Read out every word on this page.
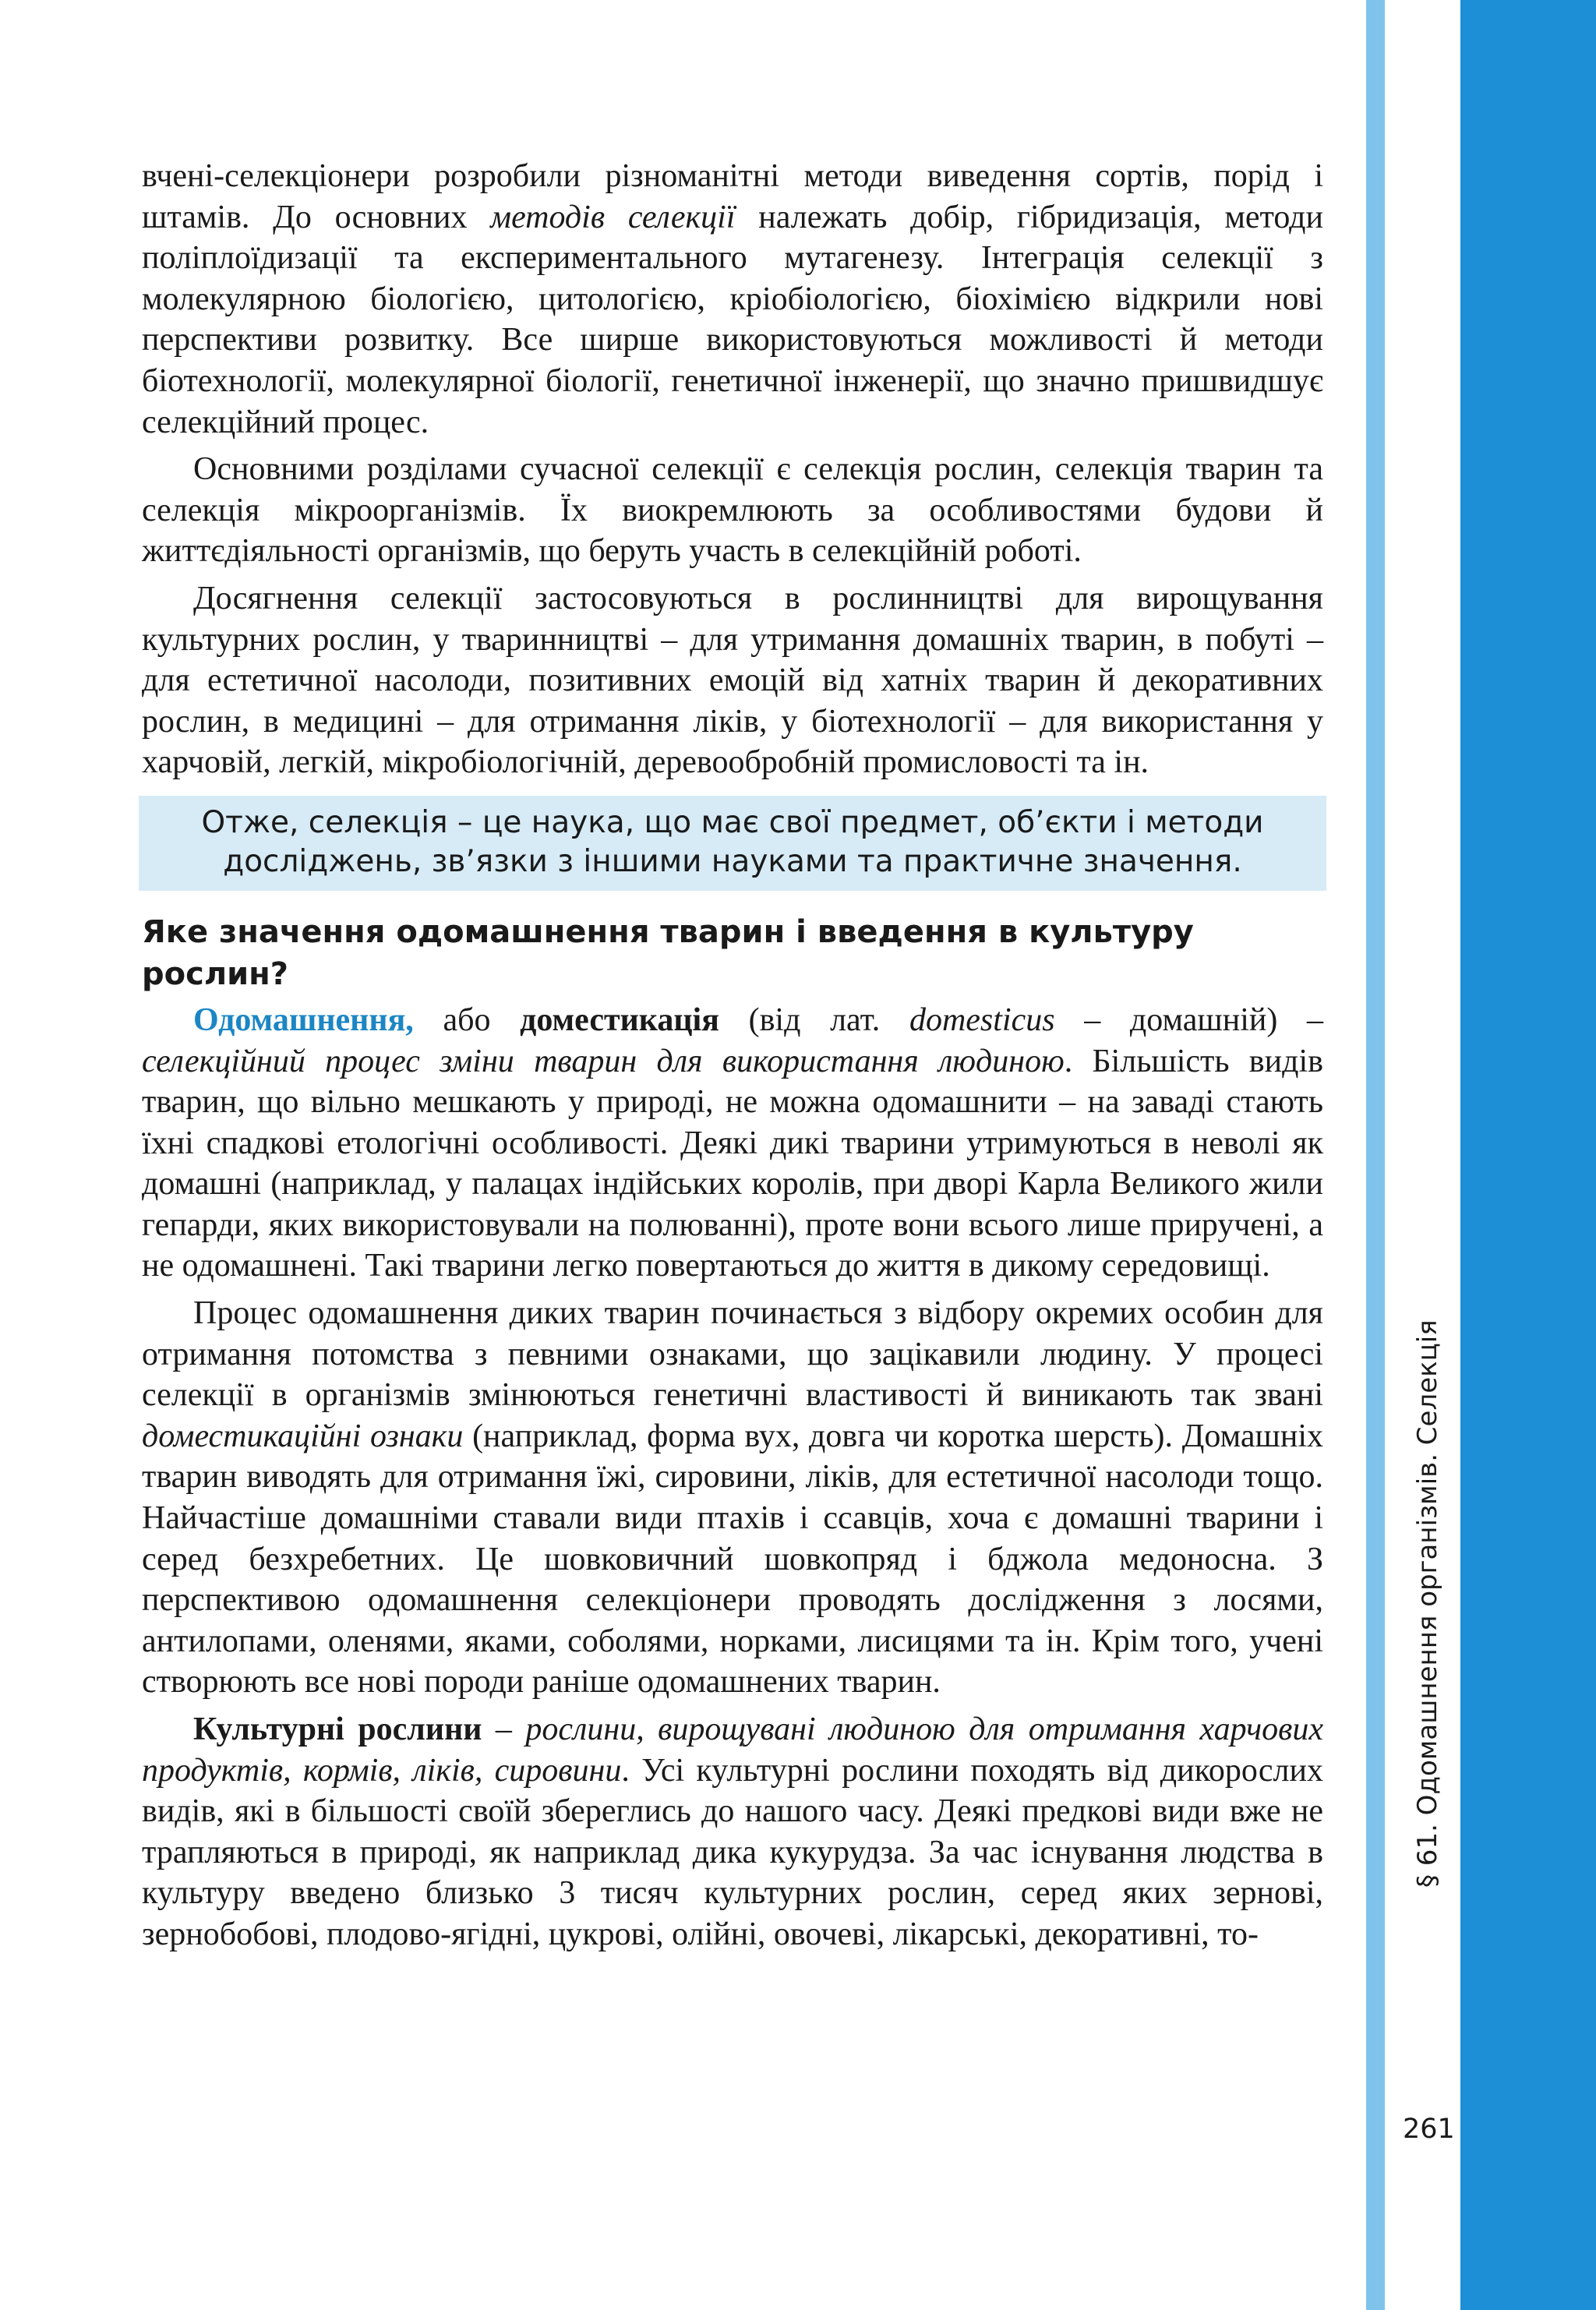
вчені-селекціонери розробили різноманітні методи виведення сортів, порід і штамів. До основних методів селекції належать добір, гібридизація, методи поліплоїдизації та експериментального мутагенезу. Інтеграція селекції з молекулярною біологією, цитологією, кріобіологією, біохімією відкрили нові перспективи розвитку. Все ширше використовуються можливості й методи біотехнології, молекулярної біології, генетичної інженерії, що значно пришвидшує селекційний процес.

Основними розділами сучасної селекції є селекція рослин, селекція тварин та селекція мікроорганізмів. Їх виокремлюють за особливостями будови й життєдіяльності організмів, що беруть участь в селекційній роботі.

Досягнення селекції застосовуються в рослинництві для вирощування культурних рослин, у тваринництві – для утримання домашніх тварин, в побуті – для естетичної насолоди, позитивних емоцій від хатніх тварин й декоративних рослин, в медицині – для отримання ліків, у біотехнології – для використання у харчовій, легкій, мікробіологічній, деревообробній промисловості та ін.

Отже, селекція – це наука, що має свої предмет, об’єкти і методи досліджень, зв’язки з іншими науками та практичне значення.
Яке значення одомашнення тварин і введення в культуру рослин?

Одомашнення, або доместикація (від лат. domesticus – домашній) – селекційний процес зміни тварин для використання людиною. Більшість видів тварин, що вільно мешкають у природі, не можна одомашнити – на заваді стають їхні спадкові етологічні особливості. Деякі дикі тварини утримуються в неволі як домашні (наприклад, у палацах індійських королів, при дворі Карла Великого жили гепарди, яких використовували на полюванні), проте вони всього лише приручені, а не одомашнені. Такі тварини легко повертаються до життя в дикому середовищі.

Процес одомашнення диких тварин починається з відбору окремих особин для отримання потомства з певними ознаками, що зацікавили людину. У процесі селекції в організмів змінюються генетичні властивості й виникають так звані доместикаційні ознаки (наприклад, форма вух, довга чи коротка шерсть). Домашніх тварин виводять для отримання їжі, сировини, ліків, для естетичної насолоди тощо. Найчастіше домашніми ставали види птахів і ссавців, хоча є домашні тварини і серед безхребетних. Це шовковичний шовкопряд і бджола медоносна. З перспективою одомашнення селекціонери проводять дослідження з лосями, антилопами, оленями, яками, соболями, норками, лисицями та ін. Крім того, учені створюють все нові породи раніше одомашнених тварин.

Культурні рослини – рослини, вирощувані людиною для отримання харчових продуктів, кормів, ліків, сировини. Усі культурні рослини походять від дикорослих видів, які в більшості своїй збереглись до нашого часу. Деякі предкові види вже не трапляються в природі, як наприклад дика кукурудза. За час існування людства в культуру введено близько 3 тисяч культурних рослин, серед яких зернові, зернобобові, плодово-ягідні, цукрові, олійні, овочеві, лікарські, декоративні, то-

§ 61. Одомашнення організмів. Селекція
261
